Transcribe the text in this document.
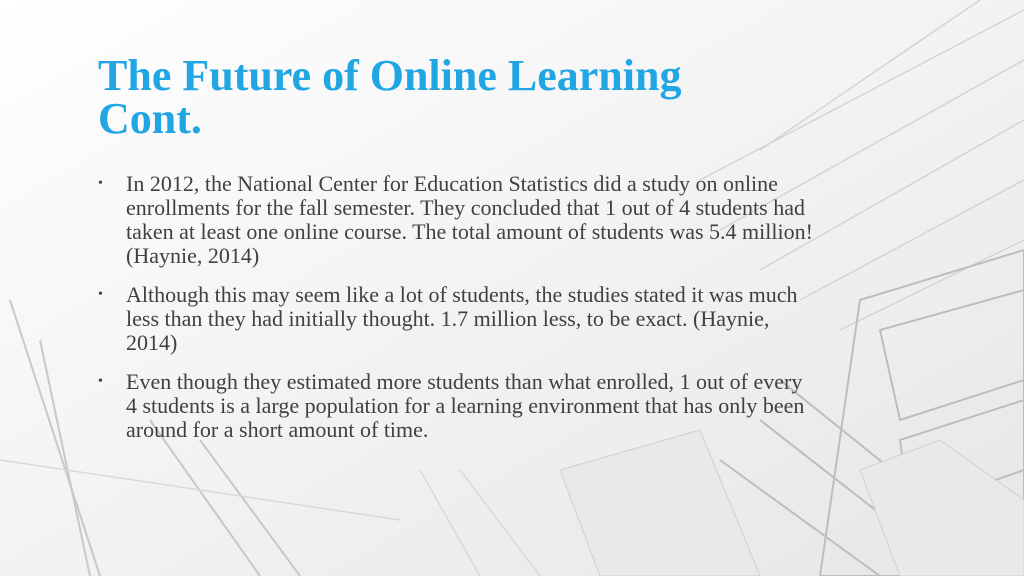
The Future of Online Learning
Cont.
• In 2012, the National Center for Education Statistics did a study on online enrollments for the fall semester. They concluded that 1 out of 4 students had taken at least one online course. The total amount of students was 5.4 million! (Haynie, 2014)
• Although this may seem like a lot of students, the studies stated it was much less than they had initially thought. 1.7 million less, to be exact. (Haynie, 2014)
• Even though they estimated more students than what enrolled, 1 out of every 4 students is a large population for a learning environment that has only been around for a short amount of time.
